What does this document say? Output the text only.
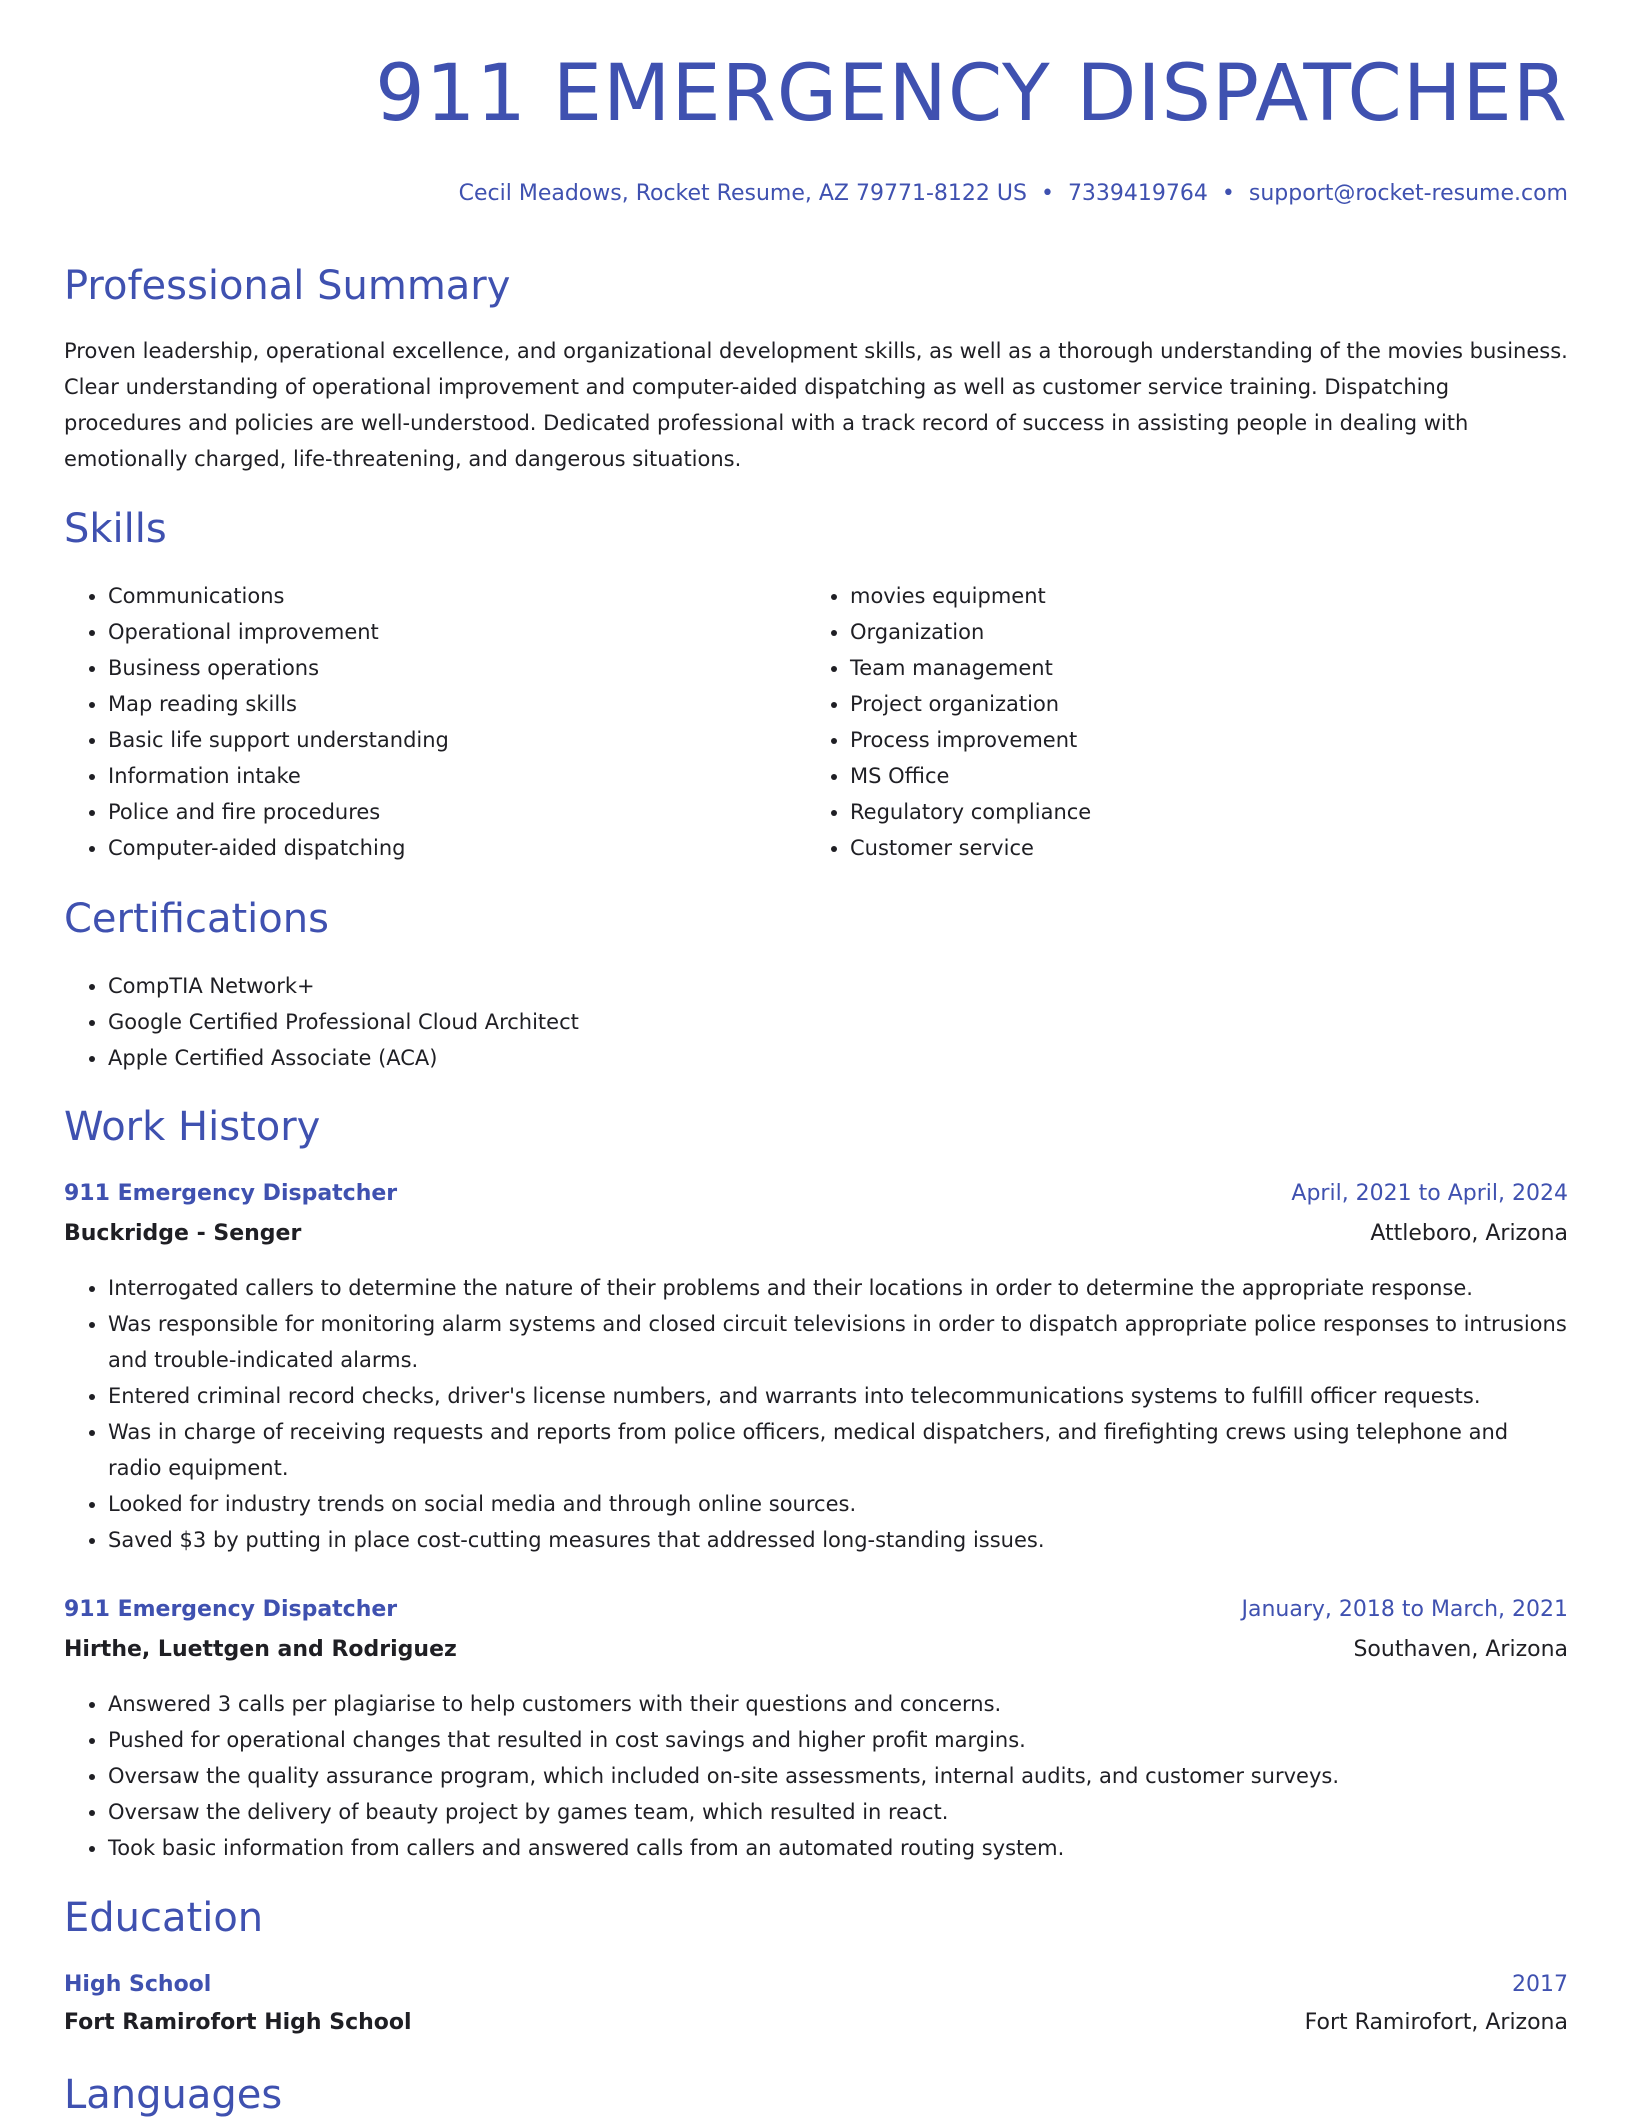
911 EMERGENCY DISPATCHER
Cecil Meadows, Rocket Resume, AZ 79771-8122 US • 7339419764 • support@rocket-resume.com
Professional Summary

Proven leadership, operational excellence, and organizational development skills, as well as a thorough understanding of the movies business. Clear understanding of operational improvement and computer-aided dispatching as well as customer service training. Dispatching procedures and policies are well-understood. Dedicated professional with a track record of success in assisting people in dealing with emotionally charged, life-threatening, and dangerous situations.

Skills
• Communications
• Operational improvement
• Business operations
• Map reading skills
• Basic life support understanding
• Information intake
• Police and fire procedures
• Computer-aided dispatching
• movies equipment
• Organization
• Team management
• Project organization
• Process improvement
• MS Office
• Regulatory compliance
• Customer service
Certifications
• CompTIA Network+
• Google Certified Professional Cloud Architect
• Apple Certified Associate (ACA)
Work History
911 Emergency Dispatcher	April, 2021 to April, 2024
Buckridge - Senger	Attleboro, Arizona
• Interrogated callers to determine the nature of their problems and their locations in order to determine the appropriate response.
• Was responsible for monitoring alarm systems and closed circuit televisions in order to dispatch appropriate police responses to intrusions and trouble-indicated alarms.
• Entered criminal record checks, driver's license numbers, and warrants into telecommunications systems to fulfill officer requests.
• Was in charge of receiving requests and reports from police officers, medical dispatchers, and firefighting crews using telephone and radio equipment.
• Looked for industry trends on social media and through online sources.
• Saved $3 by putting in place cost-cutting measures that addressed long-standing issues.
911 Emergency Dispatcher	January, 2018 to March, 2021
Hirthe, Luettgen and Rodriguez	Southaven, Arizona
• Answered 3 calls per plagiarise to help customers with their questions and concerns.
• Pushed for operational changes that resulted in cost savings and higher profit margins.
• Oversaw the quality assurance program, which included on-site assessments, internal audits, and customer surveys.
• Oversaw the delivery of beauty project by games team, which resulted in react.
• Took basic information from callers and answered calls from an automated routing system.
Education
High School	2017
Fort Ramirofort High School	Fort Ramirofort, Arizona
Languages
